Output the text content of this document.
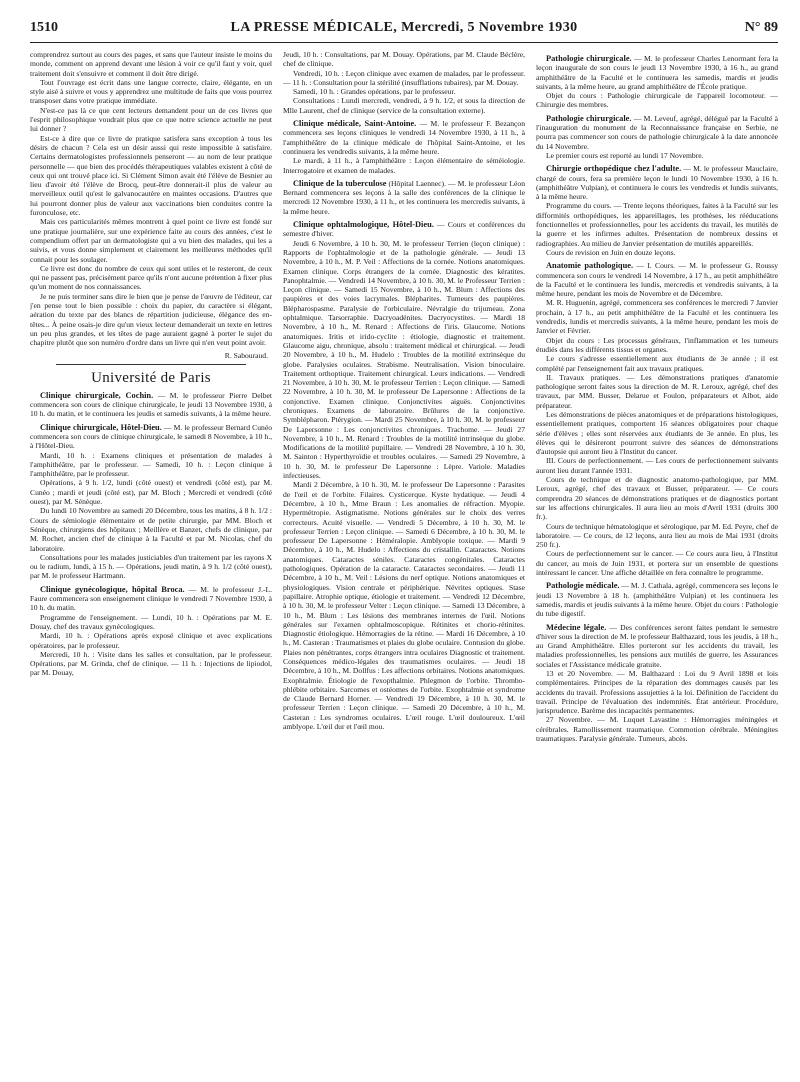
1510	LA PRESSE MÉDICALE, Mercredi, 5 Novembre 1930	N° 89

comprendrez surtout au cours des pages, et sans que l'auteur insiste le moins du monde, comment on apprend devant une lésion à voir ce qu'il faut y voir, quel traitement doit s'ensuivre et comment il doit être dirigé.

Tout l'ouvrage est écrit dans une langue correcte, claire, élégante, en un style aisé à suivre et vous y apprendrez une multitude de faits que vous pourrez transposer dans votre pratique immédiate.

N'est-ce pas là ce que cent lecteurs demandent pour un de ces livres que l'esprit philosophique voudrait plus que ce que notre science actuelle ne peut lui donner ?

Est-ce à dire que ce livre de pratique satisfera sans exception à tous les désirs de chacun ? Cela est un désir aussi qui reste impossible à satisfaire. Certains dermatologistes professionnels penseront — au nom de leur pratique personnelle — que bien des procédés thérapeutiques valables existent à côté de ceux qui ont trouvé place ici. Si Clément Simon avait été l'élève de Besnier au lieu d'avoir été l'élève de Brocq, peut-être donnerait-il plus de valeur au merveilleux outil qu'est le galvanocautère en maintes occasions. D'autres que lui pourront donner plus de valeur aux vaccinations bien conduites contre la furonculose, etc.

Mais ces particularités mêmes montrent à quel point ce livre est fondé sur une pratique journalière, sur une expérience faite au cours des années, c'est le compendium offert par un dermatologiste qui a vu bien des malades, qui les a suivis, et vous donne simplement et clairement les meilleures méthodes qu'il connait pour les soulager.

Ce livre est donc du nombre de ceux qui sont utiles et le resteront, de ceux qui ne passent pas, précisément parce qu'ils n'ont aucune prétention à fixer plus qu'un moment de nos connaissances.

Je ne puis terminer sans dire le bien que je pense de l'œuvre de l'éditeur, car j'en pense tout le bien possible : choix du papier, du caractère si élégant, aération du texte par des blancs de répartition judicieuse, élégance des en-têtes... À peine osais-je dire qu'un vieux lecteur demanderait un texte en lettres un peu plus grandes, et les têtes de page auraient gagné à porter le sujet du chapitre plutôt que son numéro d'ordre dans un livre qui n'en veut point avoir.

R. Sabouraud.
Université de Paris

Clinique chirurgicale, Cochin. — M. le professeur Pierre Delbet commencera son cours de clinique chirurgicale, le jeudi 13 Novembre 1930, à 10 h. du matin, et le continuera les jeudis et samedis suivants, à la même heure.

Clinique chirurgicale, Hôtel-Dieu. — M. le professeur Bernard Cunéo commencera son cours de clinique chirurgicale, le samedi 8 Novembre, à 10 h., à l'Hôtel-Dieu.

Mardi, 10 h. : Examens cliniques et présentation de malades à l'amphithéâtre, par le professeur. — Samedi, 10 h. : Leçon clinique à l'amphithéâtre, par le professeur.

Opérations, à 9 h. 1/2, lundi (côté ouest) et vendredi (côté est), par M. Cunéo ; mardi et jeudi (côté est), par M. Bloch ; Mercredi et vendredi (côté ouest), par M. Sénèque.

Du lundi 10 Novembre au samedi 20 Décembre, tous les matins, à 8 h. 1/2 : Cours de sémiologie élémentaire et de petite chirurgie, par MM. Bloch et Sénèque, chirurgiens des hôpitaux ; Meillère et Banzet, chefs de clinique, par M. Rochet, ancien chef de clinique à la Faculté et par M. Nicolas, chef du laboratoire.

Consultations pour les malades justiciables d'un traitement par les rayons X ou le radium, lundi, à 15 h. — Opérations, jeudi matin, à 9 h. 1/2 (côté ouest), par M. le professeur Hartmann.

Clinique gynécologique, hôpital Broca. — M. le professeur J.-L. Faure commencera son enseignement clinique le vendredi 7 Novembre 1930, à 10 h. du matin.

Programme de l'enseignement. — Lundi, 10 h. : Opérations par M. E. Douay, chef des travaux gynécologiques.

Mardi, 10 h. : Opérations après exposé clinique et avec explications opératoires, par le professeur.

Mercredi, 10 h. : Visite dans les salles et consultation, par le professeur. Opérations, par M. Grinda, chef de clinique. — 11 h. : Injections de lipiodol, par M. Douay,

Jeudi, 10 h. : Consultations, par M. Douay. Opérations, par M. Claude Béclère, chef de clinique.

Vendredi, 10 h. : Leçon clinique avec examen de malades, par le professeur. — 11 h. : Consultation pour la stérilité (insufflations tubaires), par M. Douay.

Samedi, 10 h. : Grandes opérations, par le professeur.

Consultations : Lundi mercredi, vendredi, à 9 h. 1/2, et sous la direction de Mlle Laurent, chef de clinique (service de la consultation externe).

Clinique médicale, Saint-Antoine. — M. le professeur F. Bezançon commencera ses leçons cliniques le vendredi 14 Novembre 1930, à 11 h., à l'amphithéâtre de la clinique médicale de l'hôpital Saint-Antoine, et les continuera les vendredis suivants, à la même heure.

Le mardi, à 11 h., à l'amphithéâtre : Leçon élémentaire de séméiologie. Interrogatoire et examen de malades.

Clinique de la tuberculose (Hôpital Laennec). — M. le professeur Léon Bernard commencera ses leçons à la salle des conférences de la clinique le mercredi 12 Novembre 1930, à 11 h., et les continuera les mercredis suivants, à la même heure.

Clinique ophtalmologique, Hôtel-Dieu. — Cours et conférences du semestre d'hiver.

Jeudi 6 Novembre, à 10 h. 30, M. le professeur Terrien (leçon clinique) : Rapports de l'ophtalmologie et de la pathologie générale. — Jeudi 13 Novembre, à 10 h., M. P. Veil : Affections de la cornée. Notions anatomiques. Examen clinique. Corps étrangers de la cornée. Diagnostic des kératites. Panophtalmie. — Vendredi 14 Novembre, à 10 h. 30, M. le Professeur Terrien : Leçon clinique. — Samedi 15 Novembre, à 10 h., M. Blum : Affections des paupières et des voies lacrymales. Blépharites. Tumeurs des paupières. Blépharospasme. Paralysie de l'orbiculaire. Névralgie du trijumeau. Zona ophtalmique. Tarsorraphie. Dacryoadénites. Dacryocystites. — Mardi 18 Novembre, à 10 h., M. Renard : Affections de l'iris. Glaucome. Notions anatomiques. Iritis et irido-cyclite : étiologie, diagnostic et traitement. Glaucome aigu, chronique, absolu : traitement médical et chirurgical. — Jeudi 20 Novembre, à 10 h., M. Hudelo : Troubles de la motilité extrinsèque du globe. Paralysies oculaires. Strabisme. Neutralisation. Vision binoculaire. Traitement orthoptique. Traitement chirurgical. Leurs indications. — Vendredi 21 Novembre, à 10 h. 30, M. le professeur Terrien : Leçon clinique. — Samedi 22 Novembre, à 10 h. 30, M. le professeur De Lapersonne : Affections de la conjonctive. Examen clinique. Conjonctivites aiguës. Conjonctivites chroniques. Examens de laboratoire. Brûlures de la conjonctive. Symblépharon. Ptérygion. — Mardi 25 Novembre, à 10 h. 30, M. le professeur De Lapersonne : Les conjonctivites chroniques. Trachome. — Jeudi 27 Novembre, à 10 h., M. Renard : Troubles de la motilité intrinsèque du globe. Modifications de la motilité pupillaire. — Vendredi 28 Novembre, à 10 h. 30, M. Sainton : Hyperthyroïdie et troubles oculaires. — Samedi 29 Novembre, à 10 h. 30, M. le professeur De Lapersonne : Lèpre. Variole. Maladies infectieuses.

Mardi 2 Décembre, à 10 h. 30, M. le professeur De Lapersonne : Parasites de l'œil et de l'orbite. Filaires. Cysticerque. Kyste hydatique. — Jeudi 4 Décembre, à 10 h., Mme Braun : Les anomalies de réfraction. Myopie. Hypermétropie. Astigmatisme. Notions générales sur le choix des verres correcteurs. Acuité visuelle. — Vendredi 5 Décembre, à 10 h. 30, M. le professeur Terrien : Leçon clinique. — Samedi 6 Décembre, à 10 h. 30, M. le professeur De Lapersonne : Héméralopie. Amblyopie toxique. — Mardi 9 Décembre, à 10 h., M. Hudelo : Affections du cristallin. Cataractes. Notions anatomiques. Cataractes séniles. Cataractes congénitales. Cataractes pathologiques. Opération de la cataracte. Cataractes secondaires. — Jeudi 11 Décembre, à 10 h., M. Veil : Lésions du nerf optique. Notions anatomiques et physiologiques. Vision centrale et périphérique. Névrites optiques. Stase papillaire. Atrophie optique, étiologie et traitement. — Vendredi 12 Décembre, à 10 h. 30, M. le professeur Velter : Leçon clinique. — Samedi 13 Décembre, à 10 h., M. Blum : Les lésions des membranes internes de l'œil. Notions générales sur l'examen ophtalmoscopique. Rétinites et chorio-rétinites. Diagnostic étiologique. Hémorragies de la rétine. — Mardi 16 Décembre, à 10 h., M. Casteran : Traumatismes et plaies du globe oculaire. Contusion du globe. Plaies non pénétrantes, corps étrangers intra oculaires Diagnostic et traitement. Conséquences médico-légales des traumatismes oculaires. — Jeudi 18 Décembre, à 10 h., M. Dollfus : Les affections orbitaires. Notions anatomiques. Exophtalmie. Étiologie de l'exopthalmie. Phlegmon de l'orbite. Thrombo-phlébite orbitaire. Sarcomes et ostéomes de l'orbite. Exophtalmie et syndrome de Claude Bernard Horner. — Vendredi 19 Décembre, à 10 h. 30, M. le professeur Terrien : Leçon clinique. — Samedi 20 Décembre, à 10 h., M. Casteran : Les syndromes oculaires. L'œil rouge. L'œil douloureux. L'œil amblyope. L'œil dur et l'œil mou.

Pathologie chirurgicale. — M. le professeur Charles Lenormant fera la leçon inaugurale de son cours le jeudi 13 Novembre 1930, à 16 h., au grand amphithéâtre de la Faculté et le continuera les samedis, mardis et jeudis suivants, à la même heure, au grand amphithéâtre de l'École pratique.

Objet du cours : Pathologie chirurgicale de l'appareil locomoteur. — Chirurgie des membres.

Pathologie chirurgicale. — M. Leveuf, agrégé, délégué par la Faculté à l'inauguration du monument de la Reconnaissance française en Serbie, ne pourra pas commencer son cours de pathologie chirurgicale à la date annoncée du 14 Novembre.

Le premier cours est reporté au lundi 17 Novembre.

Chirurgie orthopédique chez l'adulte. — M. le professeur Mauclaire, chargé de cours, fera sa première leçon le lundi 10 Novembre 1930, à 16 h. (amphithéâtre Vulpian), et continuera le cours les vendredis et lundis suivants, à la même heure.

Programme du cours. — Trente leçons théoriques, faites à la Faculté sur les difformités orthopédiques, les appareillages, les prothèses, les rééducations fonctionnelles et professionnelles, pour les accidents du travail, les mutilés de la guerre et les infirmes adultes. Présentation de nombreux dessins et radiographies. Au milieu de Janvier présentation de mutilés appareillés.

Cours de revision en Juin en douze leçons.

Anatomie pathologique. — I. Cours. — M. le professeur G. Roussy commencera son cours le vendredi 14 Novembre, à 17 h., au petit amphithéâtre de la Faculté et le continuera les lundis, mercredis et vendredis suivants, à la même heure, pendant les mois de Novembre et de Décembre.

M. R. Huguenin, agrégé, commencera ses conférences le mercredi 7 Janvier prochain, à 17 h., au petit amphithéâtre de la Faculté et les continuera les vendredis, lundis et mercredis suivants, à la même heure, pendant les mois de Janvier et Février.

Objet du cours : Les processus généraux, l'inflammation et les tumeurs étudiés dans les différents tissus et organes.

Le cours s'adresse essentiellement aux étudiants de 3e année ; il est complété par l'enseignement fait aux travaux pratiques.

II. Travaux pratiques. — Les démonstrations pratiques d'anatomie pathologique seront faites sous la direction de M. R. Leroux, agrégé, chef des travaux, par MM. Busser, Delarue et Foulon, préparateurs et Albot, aide préparateur.

Les démonstrations de pièces anatomiques et de préparations histologiques, essentiellement pratiques, comportent 16 séances obligatoires pour chaque série d'élèves ; elles sont réservées aux étudiants de 3e année. En plus, les élèves qui le désireront pourront suivre des séances de démonstrations d'autopsie qui auront lieu à l'Institut du cancer.

III. Cours de perfectionnement. — Les cours de perfectionnement suivants auront lieu durant l'année 1931.

Cours de technique et de diagnostic anatomo-pathologique, par MM. Leroux, agrégé, chef des travaux et Busser, préparateur. — Ce cours comprendra 20 séances de démonstrations pratiques et de diagnostics portant sur les affections chirurgicales. Il aura lieu au mois d'Avril 1931 (droits 300 fr.).

Cours de technique hématologique et sérologique, par M. Ed. Peyre, chef de laboratoire. — Ce cours, de 12 leçons, aura lieu au mois de Mai 1931 (droits 250 fr.).

Cours de perfectionnement sur le cancer. — Ce cours aura lieu, à l'Institut du cancer, au mois de Juin 1931, et portera sur un ensemble de questions intéressant le cancer. Une affiche détaillée en fera connaître le programme.

Pathologie médicale. — M. J. Cathala, agrégé, commencera ses leçons le jeudi 13 Novembre à 18 h. (amphithéâtre Vulpian) et les continuera les samedis, mardis et jeudis suivants à la même heure. Objet du cours : Pathologie du tube digestif.

Médecine légale. — Des conférences seront faites pendant le semestre d'hiver sous la direction de M. le professeur Balthazard, tous les jeudis, à 18 h., au Grand Amphithéâtre. Elles porteront sur les accidents du travail, les maladies professionnelles, les pensions aux mutilés de guerre, les Assurances sociales et l'Assistance médicale gratuite.

13 et 20 Novembre. — M. Balthazard : Loi du 9 Avril 1898 et lois complémentaires. Principes de la réparation des dommages causés par les accidents du travail. Professions assujetties à la loi. Définition de l'accident du travail. Principe de l'évaluation des indemnités. État antérieur. Procédure, jurisprudence. Barème des incapacités permanentes.

27 Novembre. — M. Luquet Lavastine : Hémorragies méningées et cérébrales. Ramollissement traumatique. Commotion cérébrale. Méningites traumatiques. Paralysie générale. Tumeurs, abcès.
